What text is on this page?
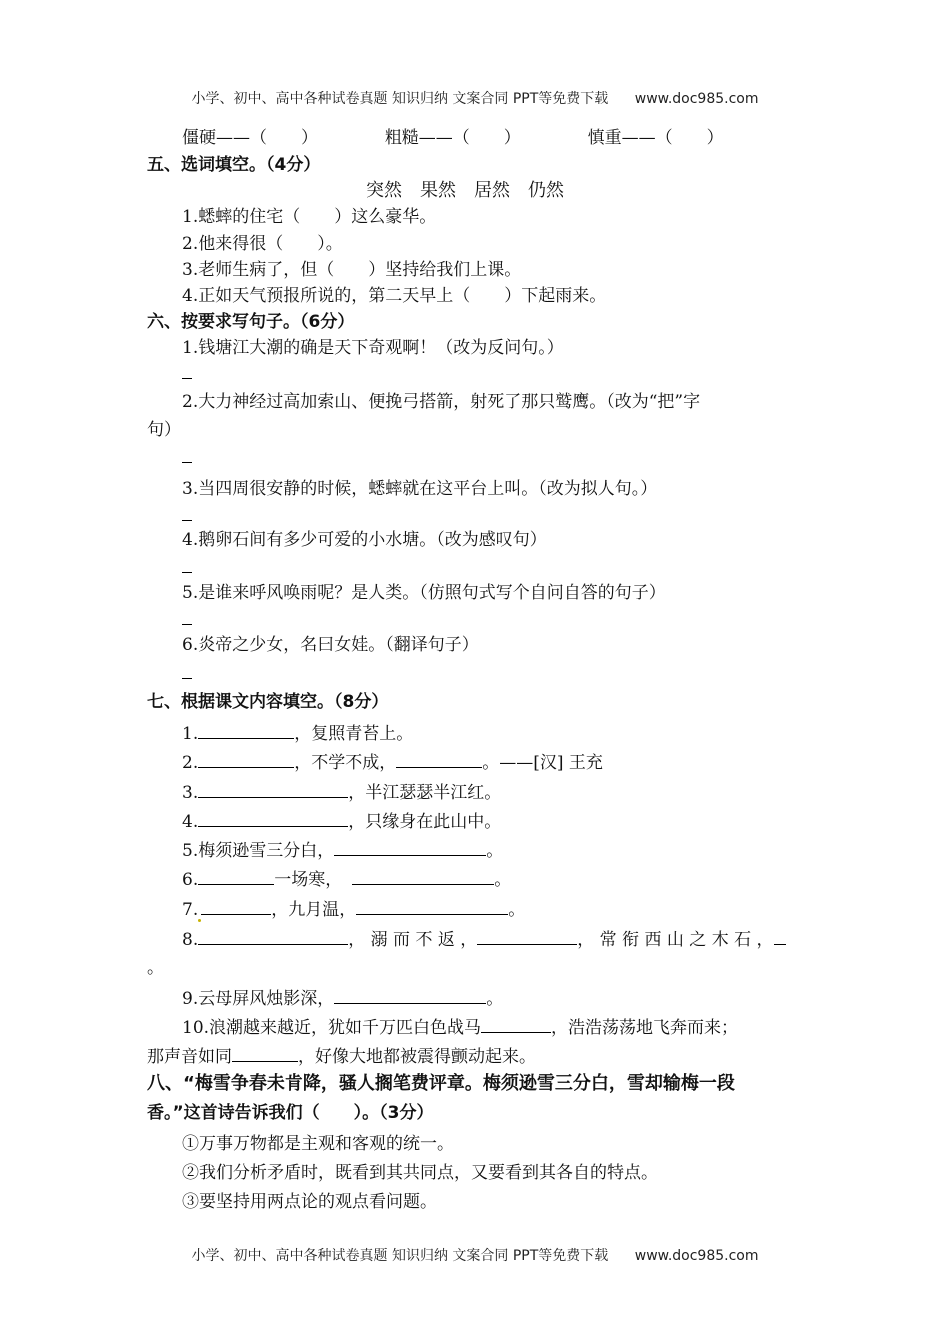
小学、初中、高中各种试卷真题 知识归纳 文案合同 PPT等免费下载 www.doc985.com
僵硬——（　　）	粗糙——（　　）	慎重——（　　）
五、选词填空。（4分）
突然　果然　居然　仍然
1.蟋蟀的住宅（　　）这么豪华。
2.他来得很（　　）。
3.老师生病了，但（　　）坚持给我们上课。
4.正如天气预报所说的，第二天早上（　　）下起雨来。
六、按要求写句子。（6分）
1.钱塘江大潮的确是天下奇观啊！（改为反问句。）
2.大力神经过高加索山、便挽弓搭箭，射死了那只鹫鹰。（改为“把”字
句）
3.当四周很安静的时候，蟋蟀就在这平台上叫。（改为拟人句。）
4.鹅卵石间有多少可爱的小水塘。（改为感叹句）
5.是谁来呼风唤雨呢？是人类。（仿照句式写个自问自答的句子）
6.炎帝之少女，名曰女娃。（翻译句子）
七、根据课文内容填空。（8分）
1.	，复照青苔上。
2.	，不学不成，	。——[汉] 王充
3.	，半江瑟瑟半江红。
4.	，只缘身在此山中。
5.梅须逊雪三分白，	。
6.	一场寒，	。
7.	，九月温，	。
8.	， 溺 而 不 返 ，	， 常 衔 西 山 之 木 石 ，
。
9.云母屏风烛影深，	。
10.浪潮越来越近，犹如千万匹白色战马	，浩浩荡荡地飞奔而来；
那声音如同	，好像大地都被震得颤动起来。
八、“梅雪争春未肯降，骚人搁笔费评章。梅须逊雪三分白，雪却输梅一段
香。”这首诗告诉我们（　　）。（3分）
①万事万物都是主观和客观的统一。
②我们分析矛盾时，既看到其共同点，又要看到其各自的特点。
③要坚持用两点论的观点看问题。
小学、初中、高中各种试卷真题 知识归纳 文案合同 PPT等免费下载 www.doc985.com
